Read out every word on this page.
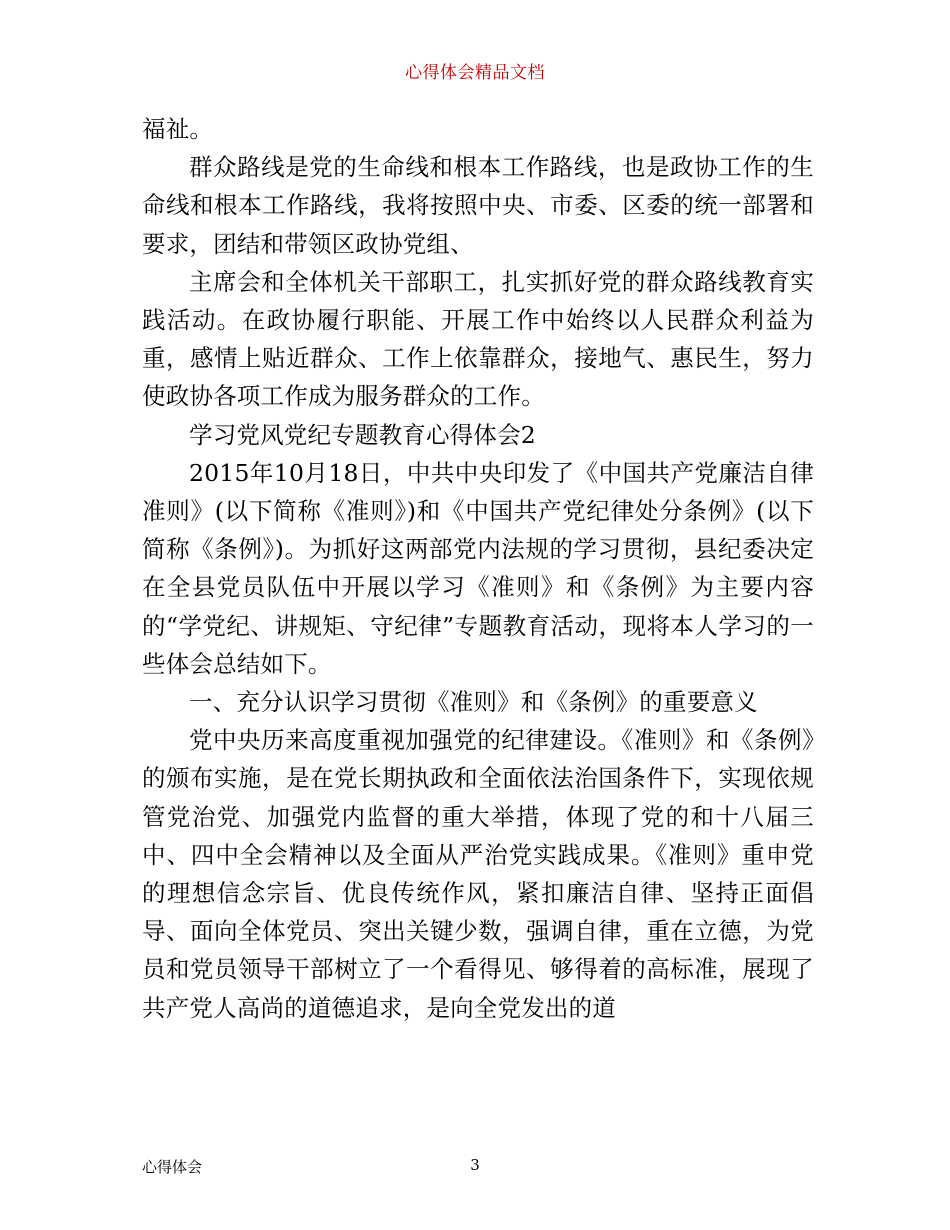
心得体会精品文档

福祉。

群众路线是党的生命线和根本工作路线，也是政协工作的生命线和根本工作路线，我将按照中央、市委、区委的统一部署和要求，团结和带领区政协党组、

主席会和全体机关干部职工，扎实抓好党的群众路线教育实践活动。在政协履行职能、开展工作中始终以人民群众利益为重，感情上贴近群众、工作上依靠群众，接地气、惠民生，努力使政协各项工作成为服务群众的工作。

学习党风党纪专题教育心得体会2

2015年10月18日，中共中央印发了《中国共产党廉洁自律准则》(以下简称《准则》)和《中国共产党纪律处分条例》(以下简称《条例》)。为抓好这两部党内法规的学习贯彻，县纪委决定在全县党员队伍中开展以学习《准则》和《条例》为主要内容的“学党纪、讲规矩、守纪律”专题教育活动，现将本人学习的一些体会总结如下。

一、充分认识学习贯彻《准则》和《条例》的重要意义

党中央历来高度重视加强党的纪律建设。《准则》和《条例》的颁布实施，是在党长期执政和全面依法治国条件下，实现依规管党治党、加强党内监督的重大举措，体现了党的和十八届三中、四中全会精神以及全面从严治党实践成果。《准则》重申党的理想信念宗旨、优良传统作风，紧扣廉洁自律、坚持正面倡导、面向全体党员、突出关键少数，强调自律，重在立德，为党员和党员领导干部树立了一个看得见、够得着的高标准，展现了共产党人高尚的道德追求，是向全党发出的道

心得体会	3
